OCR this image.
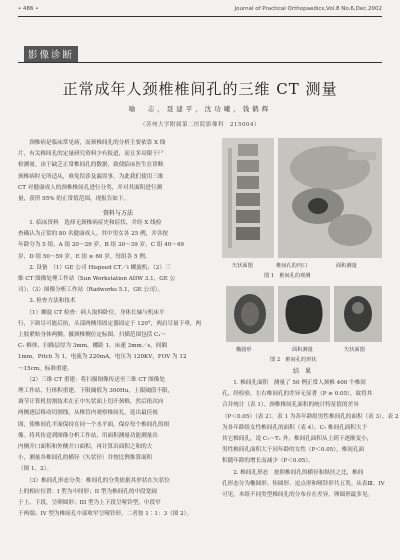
• 486 •	Journal of Practical Orthopaedics,Vol.8 No.6,Dec.2002
影像诊断
正常成年人颈椎椎间孔的三维 CT 测量
喻　志，聂建平，沈功曦，钱鹤辉
（苏州大学附属第二医院影像科　215004）
　　颈椎病是临床常见病，而颈椎间孔的分析主要依靠 X 线
片，有关椎间孔的定量研究资料少有报道，而且多局限于尸
检测量。由于缺乏正常椎间孔的数据，致使临床医生在诊断
颈椎病时无所适从，难免误诊及漏误事。为此我们使用三维
CT 对健康成人的颈椎椎间孔进行分类，并对其面积进行测
量，获得 95% 的正常值范围，现报告如下。
资料与方法
　　1. 临床资料　选择无颈椎病症史和症状、并经 X 线检
查确认为正常的 80 名健康成人。其中男女各 25 例，并各按
年龄分为 5 组，A 组 20～29 岁，B 组 30～39 岁，C 组 40～49
岁，D 组 50～59 岁，E 组 ≥ 60 岁，每组各 5 例。
　　2. 设备　（1）GE 公司 Hispeed CT／i 螺旋机；（2）三
维 CT 图像处理工作站（Sun Workstation AIIW 3.1，GE 公
司）；（3）图像分析工作站（Radworks 5.1，GE 公司）。
　　3. 检查方法和技术
　　（1）螺旋 CT 检查：病人取仰卧位，身体长轴与机床平
行，下颌尽可能后抬，头部两侧用固定器固定于 120°，两肩尽量下垂，两
上肢紧贴身体两侧。摄颈椎侧位定标图，扫描范围包括 C₁～
C₇ 椎体，扫描层厚为 3mm，螺距 1，床速 3mm／s，间隔
1mm，Pitch 为 1，电流为 220mA，电压为 120KV，FOV 为 12
～15cm，标准重建。
　　（2）三维 CT 重建：将扫描图像传送至三维 CT 图像处
理工作站，行体积重建，下限阈值为 300Hu，上限阈值不限，
调节计算机切割技术在正中矢状面上切开颈椎，然后依次向
两侧逐层移动切割线，从椎管内观察椎间孔，选出最佳视
图，使椎间孔平面保持在同一个水平面，保存每个椎间孔的图
像。将其传送到图像分析工作站，用面积测量功能测量出
内侧开口面积和外侧开口面积，再计算出面积之和的大
小，测量各椎间孔的横径（矢状径）并按比例推算面积
（图 1、2）。
　　（3）椎间孔形态分类：椎间孔的分类依据其形状在矢状位
上的相应位置：I 型为中间形；II 型为椎间孔的中段宽阔
于上、下段，呈卵圆形；III 型为上下段呈哑铃型，中段窄
于两端；IV 型为椎间孔中部收窄呈哑铃形，二者按 1∶1：3（图 2）。
矢状面图	椎间孔的内口	面积测量
图 1　椎间孔的观测
椭圆形	面积测量	矢状面图
图 2　椎间孔的形状
结　果
　　1. 椎间孔面积　测量了 50 例正常人颈椎 400 个椎间
孔。经检验，左右椎间孔的差异无显著（P ≥ 0.05），故将其
合并统计（表 1）。颈椎椎间孔面积的统计特征值的差异
（P＜0.05）（表 2）。表 1 为各年龄组男性椎间孔的面积（表 3）。表 2
为各年龄组女性椎间孔的面积（表 4）。C₇ 椎间孔面积大于
其它椎间孔，说 C₇～T₁ 外，椎间孔面积从上到下逐渐变小，
男性椎间孔面积大于同年龄的女性（P＜0.05），椎间孔面
积随年龄的增长而减少（P＜0.05）。
　　2. 椎间孔形态　按照椎间孔的横径和纵径之比，椎间
孔形态分为椭圆形、矩圆形、逗点形和哑铃形共五类。从表Ⅲ、IV
可见，本组不同类型椎间孔的分布存在差异，卵圆形最多见。
